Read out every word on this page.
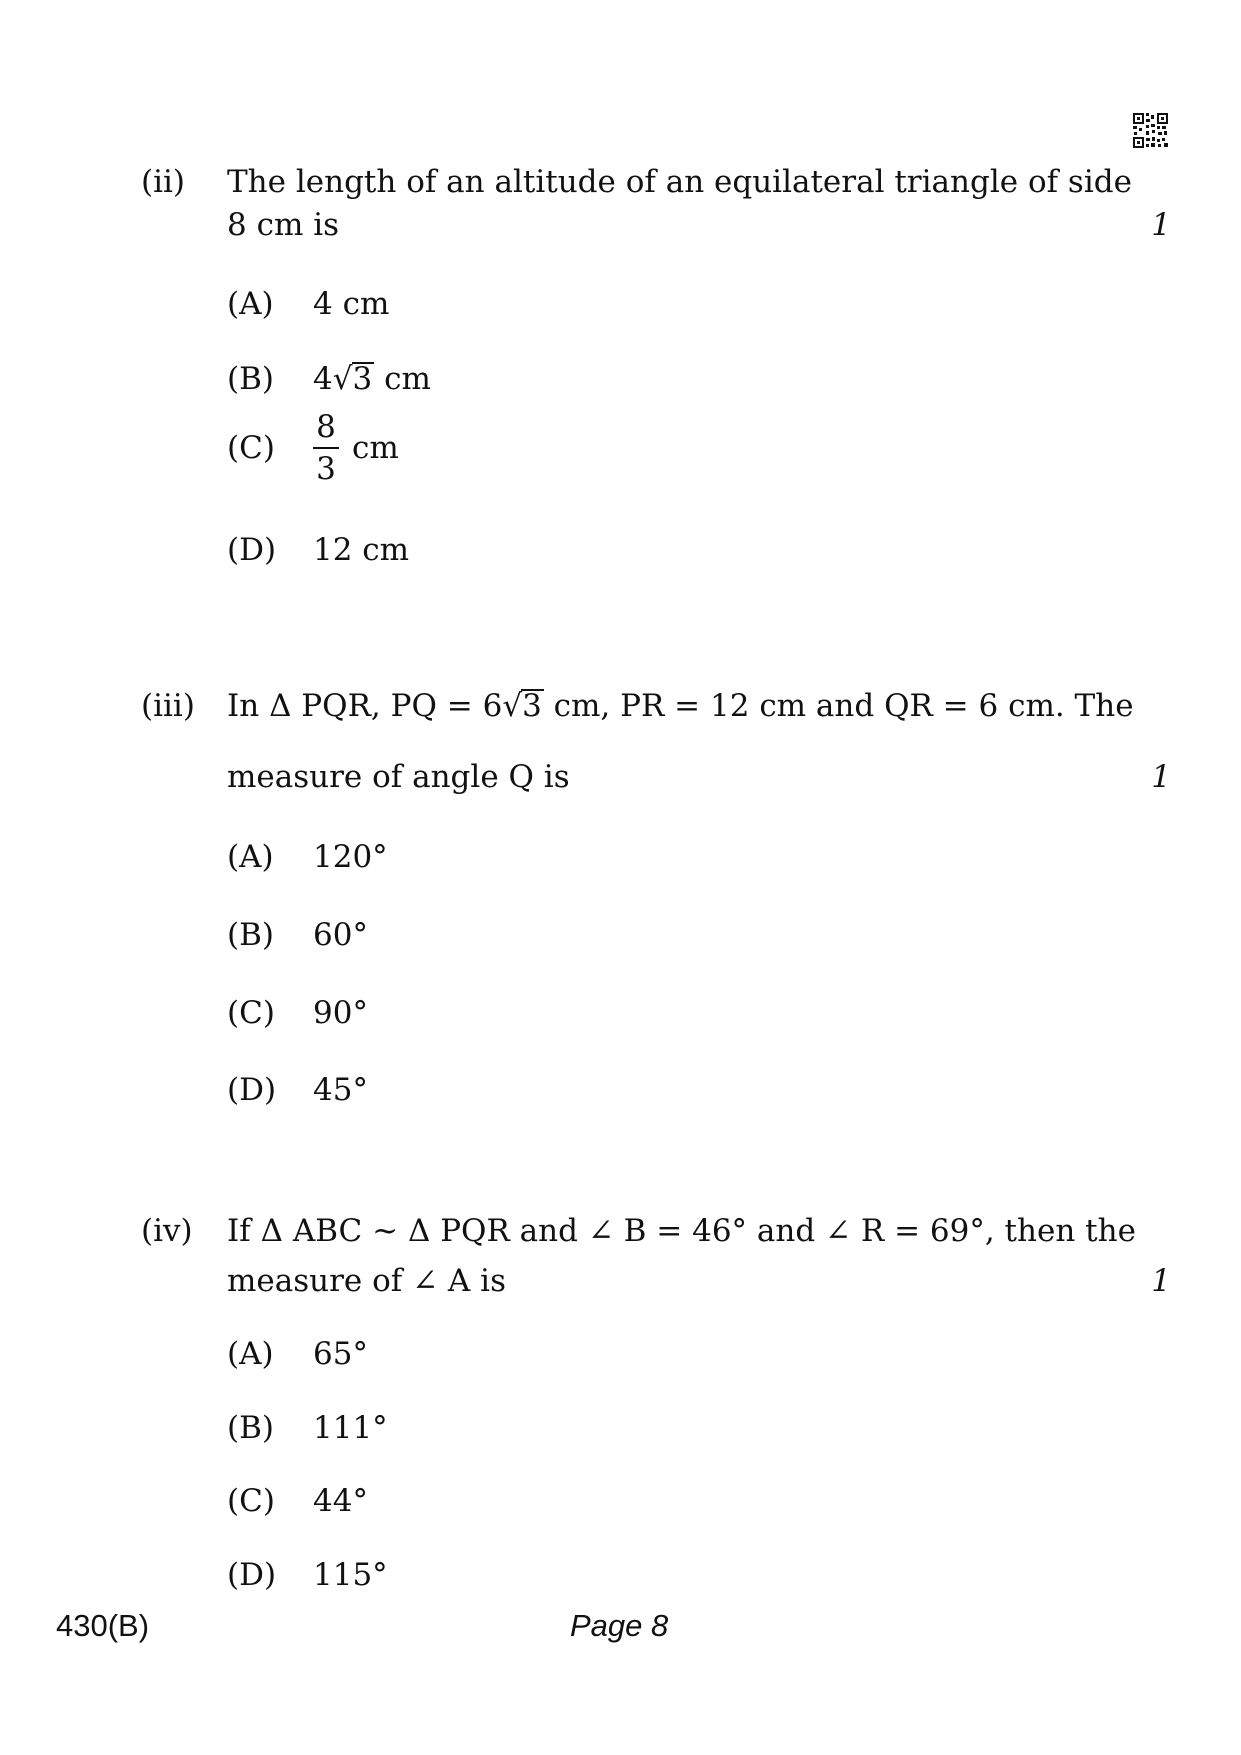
(ii) The length of an altitude of an equilateral triangle of side
8 cm is	1
(A) 4 cm
(B) 4√3 cm
(C)
8
3
cm
(D) 12 cm
(iii) In Δ PQR, PQ = 6√3 cm, PR = 12 cm and QR = 6 cm. The
measure of angle Q is	1
(A) 120°
(B) 60°
(C) 90°
(D) 45°
(iv) If Δ ABC ~ Δ PQR and ∠ B = 46° and ∠ R = 69°, then the
measure of ∠ A is	1
(A) 65°
(B) 111°
(C) 44°
(D) 115°
430(B)	Page 8
